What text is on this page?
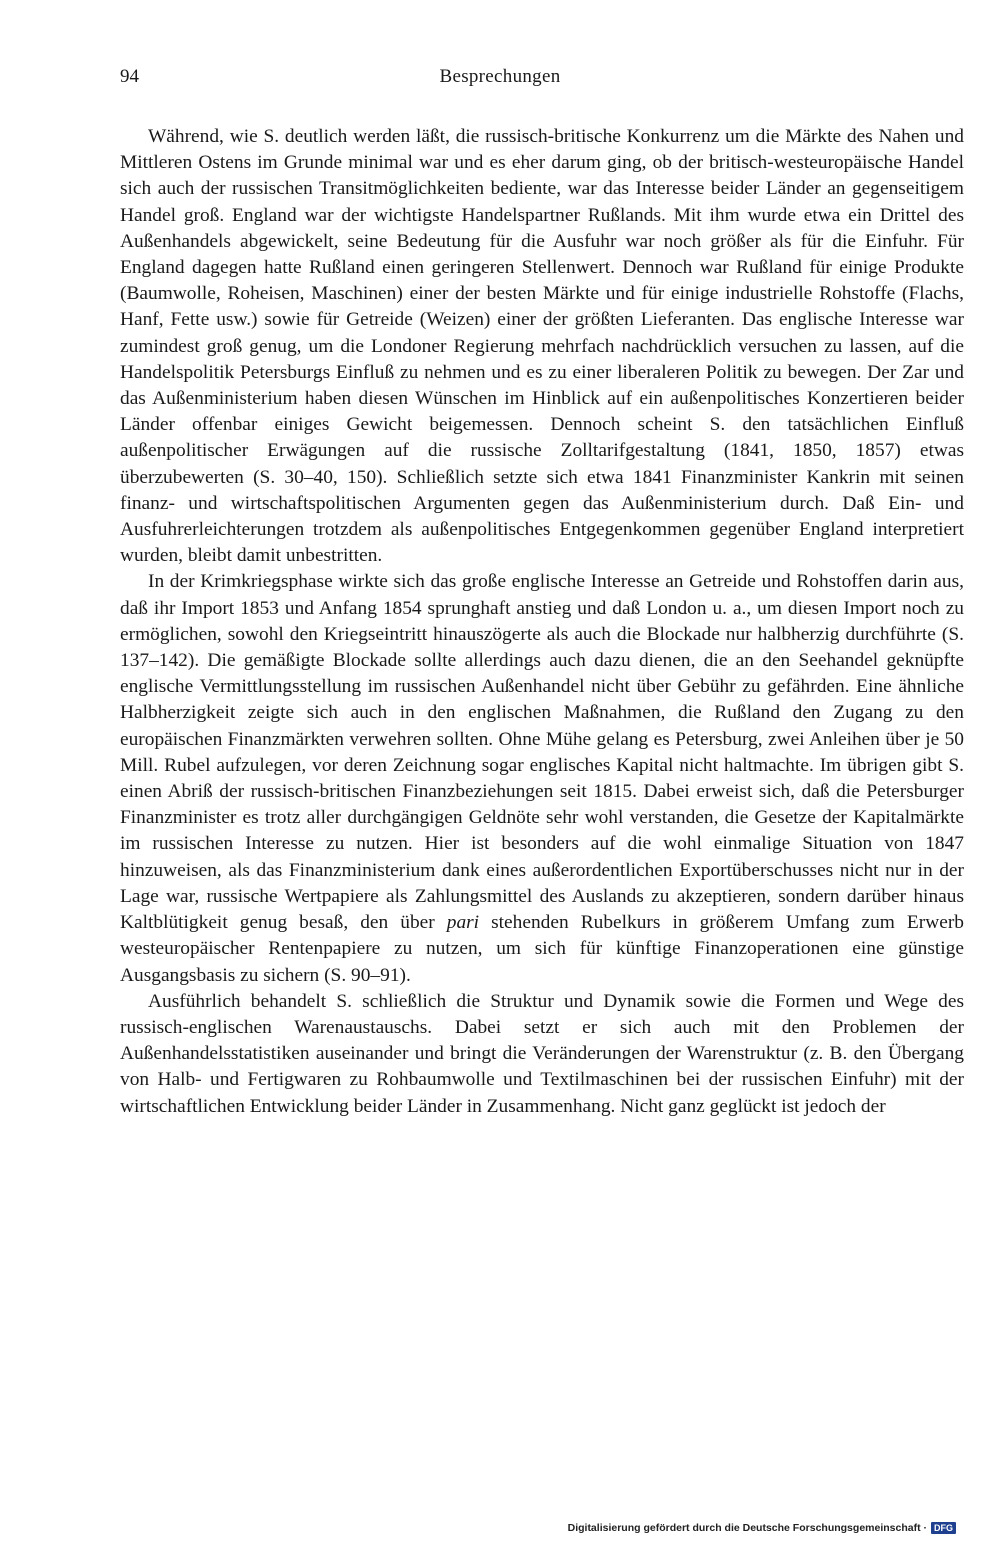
94	Besprechungen

Während, wie S. deutlich werden läßt, die russisch-britische Konkurrenz um die Märkte des Nahen und Mittleren Ostens im Grunde minimal war und es eher darum ging, ob der britisch-westeuropäische Handel sich auch der russischen Transitmöglichkeiten bediente, war das Interesse beider Länder an gegenseitigem Handel groß. England war der wichtigste Handelspartner Rußlands. Mit ihm wurde etwa ein Drittel des Außenhandels abgewickelt, seine Bedeutung für die Ausfuhr war noch größer als für die Einfuhr. Für England dagegen hatte Rußland einen geringeren Stellenwert. Dennoch war Rußland für einige Produkte (Baumwolle, Roheisen, Maschinen) einer der besten Märkte und für einige industrielle Rohstoffe (Flachs, Hanf, Fette usw.) sowie für Getreide (Weizen) einer der größten Lieferanten. Das englische Interesse war zumindest groß genug, um die Londoner Regierung mehrfach nachdrücklich versuchen zu lassen, auf die Handelspolitik Petersburgs Einfluß zu nehmen und es zu einer liberaleren Politik zu bewegen. Der Zar und das Außenministerium haben diesen Wünschen im Hinblick auf ein außenpolitisches Konzertieren beider Länder offenbar einiges Gewicht beigemessen. Dennoch scheint S. den tatsächlichen Einfluß außenpolitischer Erwägungen auf die russische Zolltarifgestaltung (1841, 1850, 1857) etwas überzubewerten (S. 30–40, 150). Schließlich setzte sich etwa 1841 Finanzminister Kankrin mit seinen finanz- und wirtschaftspolitischen Argumenten gegen das Außenministerium durch. Daß Ein- und Ausfuhrerleichterungen trotzdem als außenpolitisches Entgegenkommen gegenüber England interpretiert wurden, bleibt damit unbestritten.

In der Krimkriegsphase wirkte sich das große englische Interesse an Getreide und Rohstoffen darin aus, daß ihr Import 1853 und Anfang 1854 sprunghaft anstieg und daß London u. a., um diesen Import noch zu ermöglichen, sowohl den Kriegseintritt hinauszögerte als auch die Blockade nur halbherzig durchführte (S. 137–142). Die gemäßigte Blockade sollte allerdings auch dazu dienen, die an den Seehandel geknüpfte englische Vermittlungsstellung im russischen Außenhandel nicht über Gebühr zu gefährden. Eine ähnliche Halbherzigkeit zeigte sich auch in den englischen Maßnahmen, die Rußland den Zugang zu den europäischen Finanzmärkten verwehren sollten. Ohne Mühe gelang es Petersburg, zwei Anleihen über je 50 Mill. Rubel aufzulegen, vor deren Zeichnung sogar englisches Kapital nicht haltmachte. Im übrigen gibt S. einen Abriß der russisch-britischen Finanzbeziehungen seit 1815. Dabei erweist sich, daß die Petersburger Finanzminister es trotz aller durchgängigen Geldnöte sehr wohl verstanden, die Gesetze der Kapitalmärkte im russischen Interesse zu nutzen. Hier ist besonders auf die wohl einmalige Situation von 1847 hinzuweisen, als das Finanzministerium dank eines außerordentlichen Exportüberschusses nicht nur in der Lage war, russische Wertpapiere als Zahlungsmittel des Auslands zu akzeptieren, sondern darüber hinaus Kaltblütigkeit genug besaß, den über pari stehenden Rubelkurs in größerem Umfang zum Erwerb westeuropäischer Rentenpapiere zu nutzen, um sich für künftige Finanzoperationen eine günstige Ausgangsbasis zu sichern (S. 90–91).

Ausführlich behandelt S. schließlich die Struktur und Dynamik sowie die Formen und Wege des russisch-englischen Warenaustauschs. Dabei setzt er sich auch mit den Problemen der Außenhandelsstatistiken auseinander und bringt die Veränderungen der Warenstruktur (z. B. den Übergang von Halb- und Fertigwaren zu Rohbaumwolle und Textilmaschinen bei der russischen Einfuhr) mit der wirtschaftlichen Entwicklung beider Länder in Zusammenhang. Nicht ganz geglückt ist jedoch der

Digitalisierung gefördert durch die Deutsche Forschungsgemeinschaft · DFG
